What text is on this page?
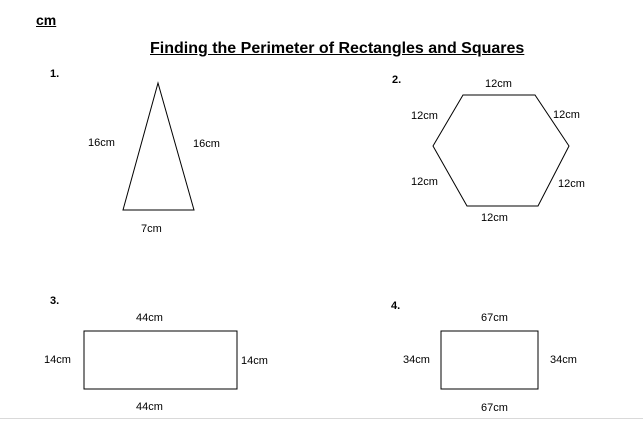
cm
Finding the Perimeter of Rectangles and Squares
1.
16cm	16cm
7cm
2.	12cm
12cm	12cm
12cm	12cm
12cm
3.
44cm
14cm	14cm
44cm
4.
67cm
34cm	34cm
67cm
